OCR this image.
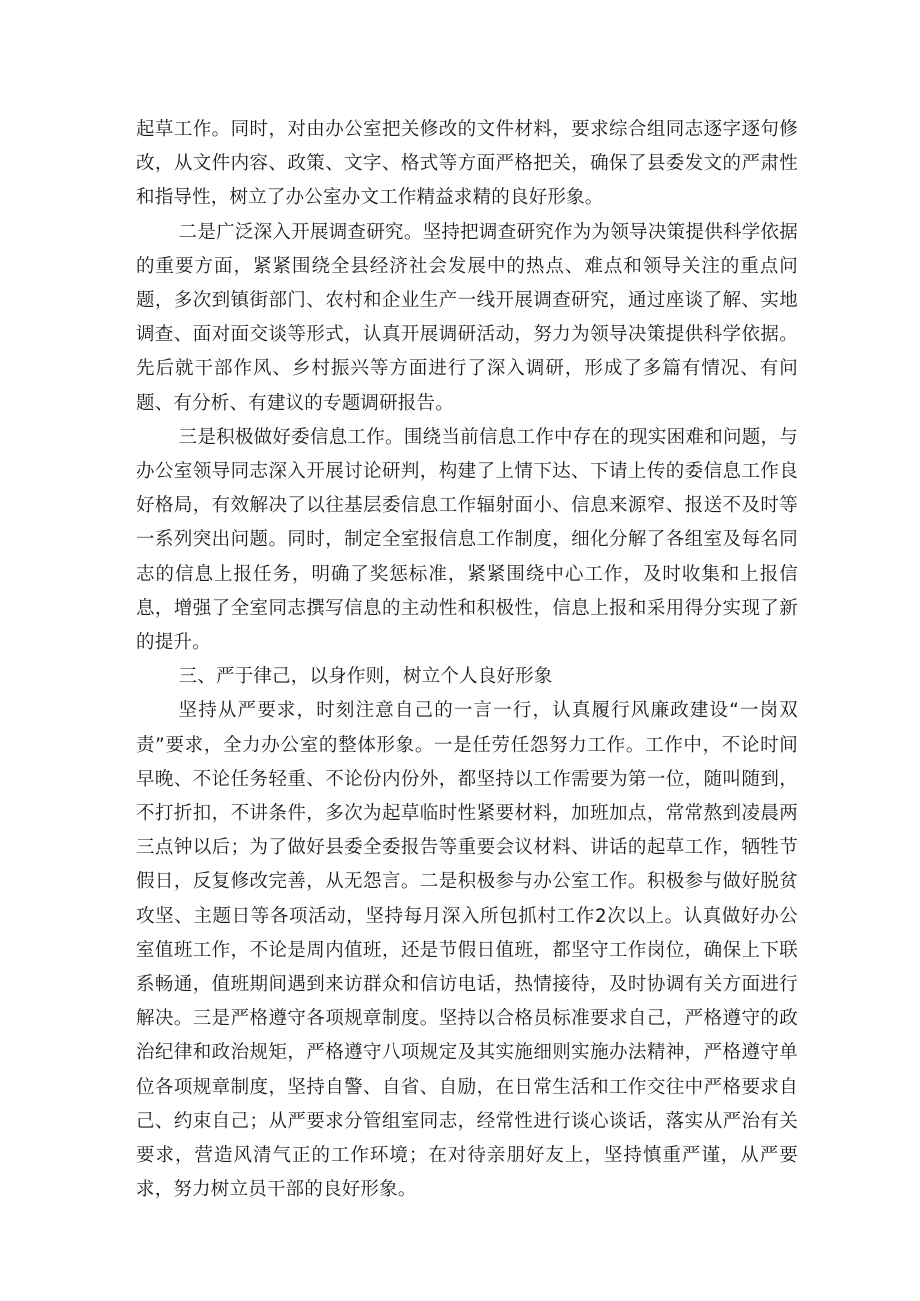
起草工作。同时，对由办公室把关修改的文件材料，要求综合组同志逐字逐句修改，从文件内容、政策、文字、格式等方面严格把关，确保了县委发文的严肃性和指导性，树立了办公室办文工作精益求精的良好形象。

二是广泛深入开展调查研究。坚持把调查研究作为为领导决策提供科学依据的重要方面，紧紧围绕全县经济社会发展中的热点、难点和领导关注的重点问题，多次到镇街部门、农村和企业生产一线开展调查研究，通过座谈了解、实地调查、面对面交谈等形式，认真开展调研活动，努力为领导决策提供科学依据。先后就干部作风、乡村振兴等方面进行了深入调研，形成了多篇有情况、有问题、有分析、有建议的专题调研报告。

三是积极做好委信息工作。围绕当前信息工作中存在的现实困难和问题，与办公室领导同志深入开展讨论研判，构建了上情下达、下请上传的委信息工作良好格局，有效解决了以往基层委信息工作辐射面小、信息来源窄、报送不及时等一系列突出问题。同时，制定全室报信息工作制度，细化分解了各组室及每名同志的信息上报任务，明确了奖惩标准，紧紧围绕中心工作，及时收集和上报信息，增强了全室同志撰写信息的主动性和积极性，信息上报和采用得分实现了新的提升。

三、严于律己，以身作则，树立个人良好形象

坚持从严要求，时刻注意自己的一言一行，认真履行风廉政建设“一岗双责”要求，全力办公室的整体形象。一是任劳任怨努力工作。工作中，不论时间早晚、不论任务轻重、不论份内份外，都坚持以工作需要为第一位，随叫随到，不打折扣，不讲条件，多次为起草临时性紧要材料，加班加点，常常熬到凌晨两三点钟以后；为了做好县委全委报告等重要会议材料、讲话的起草工作，牺牲节假日，反复修改完善，从无怨言。二是积极参与办公室工作。积极参与做好脱贫攻坚、主题日等各项活动，坚持每月深入所包抓村工作2次以上。认真做好办公室值班工作，不论是周内值班，还是节假日值班，都坚守工作岗位，确保上下联系畅通，值班期间遇到来访群众和信访电话，热情接待，及时协调有关方面进行解决。三是严格遵守各项规章制度。坚持以合格员标准要求自己，严格遵守的政治纪律和政治规矩，严格遵守八项规定及其实施细则实施办法精神，严格遵守单位各项规章制度，坚持自警、自省、自励，在日常生活和工作交往中严格要求自己、约束自己；从严要求分管组室同志，经常性进行谈心谈话，落实从严治有关要求，营造风清气正的工作环境；在对待亲朋好友上，坚持慎重严谨，从严要求，努力树立员干部的良好形象。
